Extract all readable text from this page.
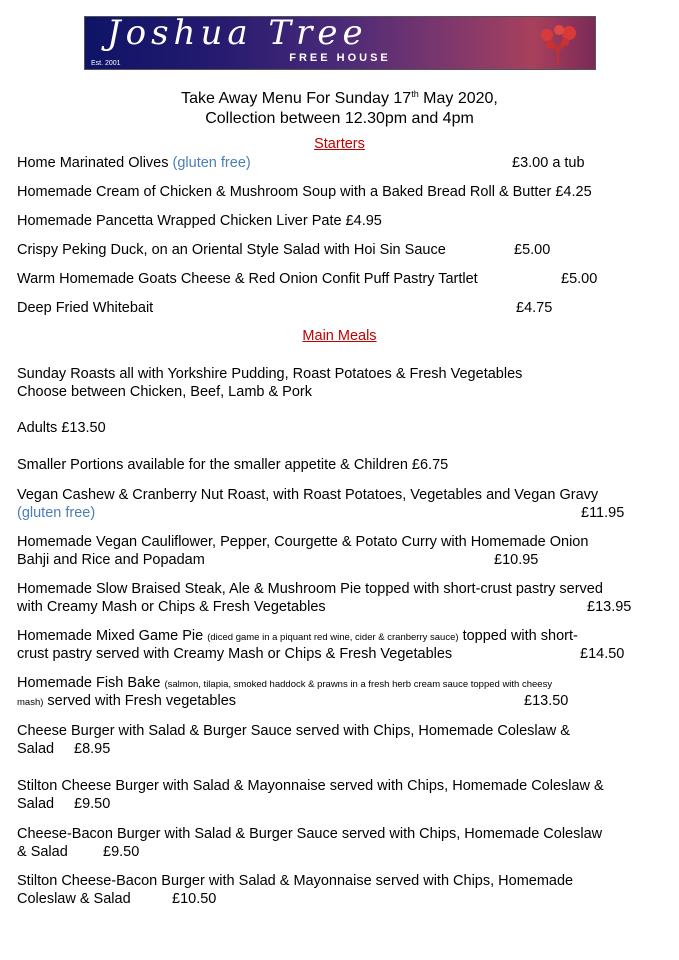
Joshua Tree
FREE HOUSE
Est. 2001
Take Away Menu For Sunday 17th May 2020,
Collection between 12.30pm and 4pm
Starters
Home Marinated Olives (gluten free)	£3.00 a tub
Homemade Cream of Chicken & Mushroom Soup with a Baked Bread Roll & Butter £4.25
Homemade Pancetta Wrapped Chicken Liver Pate £4.95
Crispy Peking Duck, on an Oriental Style Salad with Hoi Sin Sauce	£5.00
Warm Homemade Goats Cheese & Red Onion Confit Puff Pastry Tartlet	£5.00
Deep Fried Whitebait	£4.75
Main Meals
Sunday Roasts all with Yorkshire Pudding, Roast Potatoes & Fresh Vegetables
Choose between Chicken, Beef, Lamb & Pork
Adults £13.50
Smaller Portions available for the smaller appetite & Children £6.75
Vegan Cashew & Cranberry Nut Roast, with Roast Potatoes, Vegetables and Vegan Gravy
(gluten free)	£11.95
Homemade Vegan Cauliflower, Pepper, Courgette & Potato Curry with Homemade Onion
Bahji and Rice and Popadam	£10.95
Homemade Slow Braised Steak, Ale & Mushroom Pie topped with short-crust pastry served
with Creamy Mash or Chips & Fresh Vegetables	£13.95
Homemade Mixed Game Pie (diced game in a piquant red wine, cider & cranberry sauce) topped with short-
crust pastry served with Creamy Mash or Chips & Fresh Vegetables	£14.50
Homemade Fish Bake (salmon, tilapia, smoked haddock & prawns in a fresh herb cream sauce topped with cheesy
mash) served with Fresh vegetables	£13.50
Cheese Burger with Salad & Burger Sauce served with Chips, Homemade Coleslaw &
Salad £8.95
Stilton Cheese Burger with Salad & Mayonnaise served with Chips, Homemade Coleslaw &
Salad £9.50
Cheese-Bacon Burger with Salad & Burger Sauce served with Chips, Homemade Coleslaw
& Salad £9.50
Stilton Cheese-Bacon Burger with Salad & Mayonnaise served with Chips, Homemade
Coleslaw & Salad	£10.50
